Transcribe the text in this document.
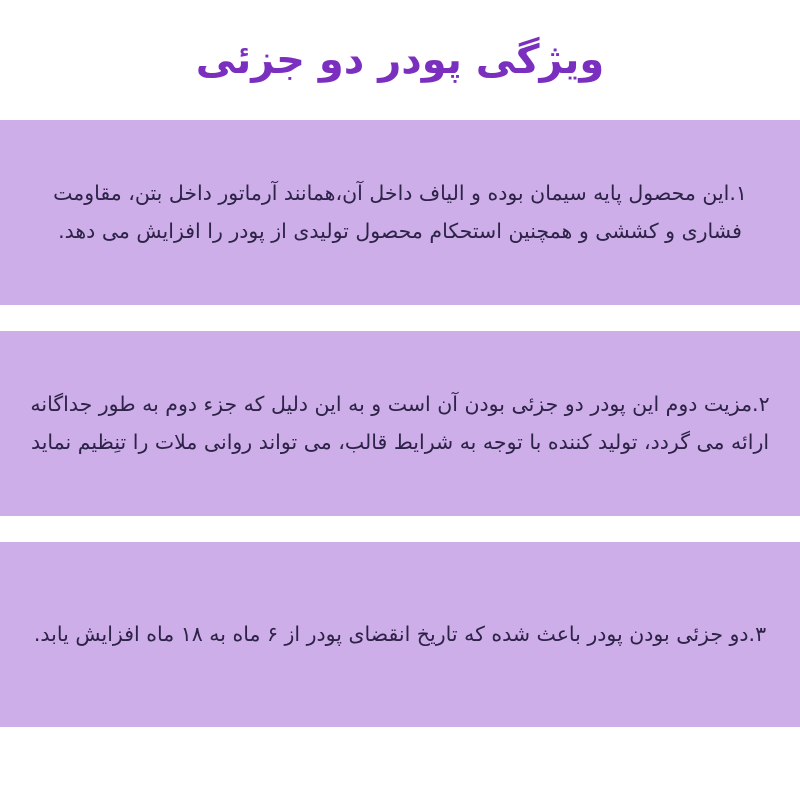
ویژگی پودر دو جزئی
۱.این محصول پایه سیمان بوده و الیاف داخل آن،همانند آرماتور داخل بتن، مقاومت فشاری و کششی و همچنین استحکام محصول تولیدی از پودر را افزایش می دهد.
۲.مزیت دوم این پودر دو جزئی بودن آن است و به این دلیل که جزء دوم به طور جداگانه ارائه می گردد، تولید کننده با توجه به شرایط قالب، می تواند روانی ملات را تنِظیم نماید
۳.دو جزئی بودن پودر باعث شده که تاریخ انقضای پودر از ۶ ماه به ۱۸ ماه افزایش یابد.
